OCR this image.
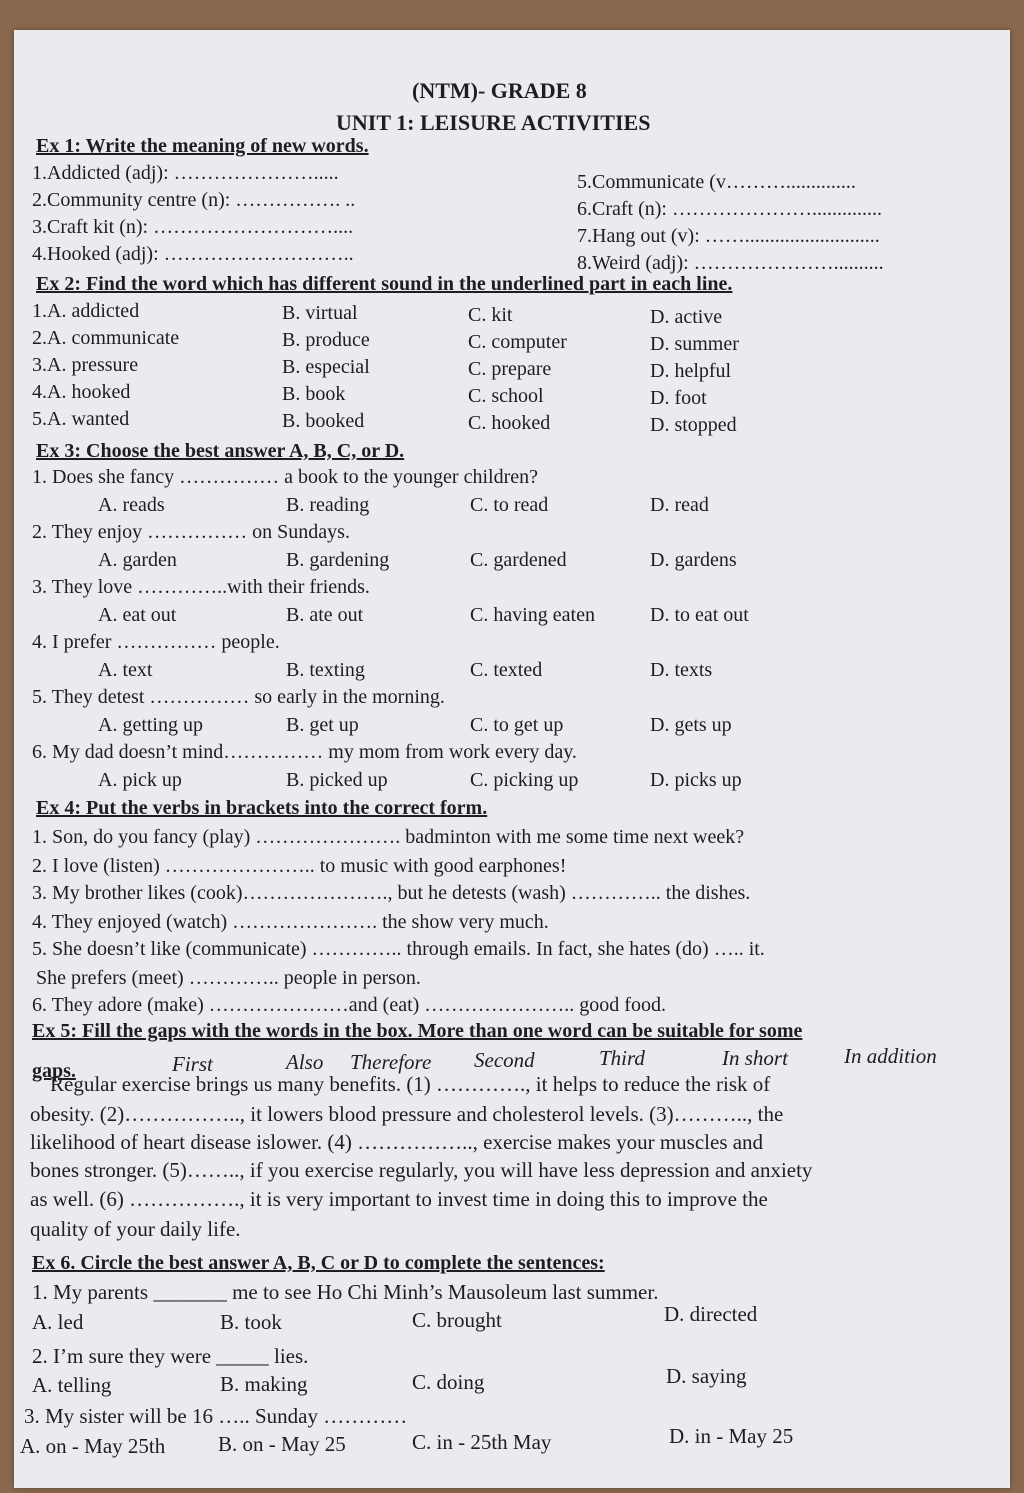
(NTM)- GRADE 8
UNIT 1: LEISURE ACTIVITIES
Ex 1: Write the meaning of new words.
1.Addicted (adj): ………………….....
2.Community centre (n): ……………. ..
3.Craft kit (n): ………………………....
4.Hooked (adj): ………………………..
5.Communicate (v………..............
6.Craft (n): …………………..............
7.Hang out (v): ……...........................
8.Weird (adj): …………………..........
Ex 2: Find the word which has different sound in the underlined part in each line.
1.A. addicted	B. virtual	C. kit	D. active
2.A. communicate	B. produce	C. computer	D. summer
3.A. pressure	B. especial	C. prepare	D. helpful
4.A. hooked	B. book	C. school	D. foot
5.A. wanted	B. booked	C. hooked	D. stopped
Ex 3: Choose the best answer A, B, C, or D.
1. Does she fancy …………… a book to the younger children?
A. reads	B. reading	C. to read	D. read
2. They enjoy …………… on Sundays.
A. garden	B. gardening	C. gardened	D. gardens
3. They love …………..with their friends.
A. eat out	B. ate out	C. having eaten	D. to eat out
4. I prefer …………… people.
A. text	B. texting	C. texted	D. texts
5. They detest …………… so early in the morning.
A. getting up	B. get up	C. to get up	D. gets up
6. My dad doesn’t mind…………… my mom from work every day.
A. pick up	B. picked up	C. picking up	D. picks up
Ex 4: Put the verbs in brackets into the correct form.
1. Son, do you fancy (play) …………………. badminton with me some time next week?
2. I love (listen) ………………….. to music with good earphones!
3. My brother likes (cook)…………………., but he detests (wash) ………….. the dishes.
4. They enjoyed (watch) …………………. the show very much.
5. She doesn’t like (communicate) ………….. through emails. In fact, she hates (do) ….. it.
She prefers (meet) ………….. people in person.
6. They adore (make) …………………and (eat) ………………….. good food.
Ex 5: Fill the gaps with the words in the box. More than one word can be suitable for some
gaps.	First	Also Therefore Second	Third	In short	In addition
Regular exercise brings us many benefits. (1) …………., it helps to reduce the risk of
obesity. (2)…………….., it lowers blood pressure and cholesterol levels. (3)……….., the
likelihood of heart disease islower. (4) …………….., exercise makes your muscles and
bones stronger. (5)…….., if you exercise regularly, you will have less depression and anxiety
as well. (6) ……………., it is very important to invest time in doing this to improve the
quality of your daily life.
Ex 6. Circle the best answer A, B, C or D to complete the sentences:
1. My parents _______ me to see Ho Chi Minh’s Mausoleum last summer.
A. led	B. took	C. brought	D. directed
2. I’m sure they were _____ lies.
A. telling	B. making	C. doing	D. saying
3. My sister will be 16 ….. Sunday …………
A. on - May 25th	B. on - May 25	C. in - 25th May	D. in - May 25
